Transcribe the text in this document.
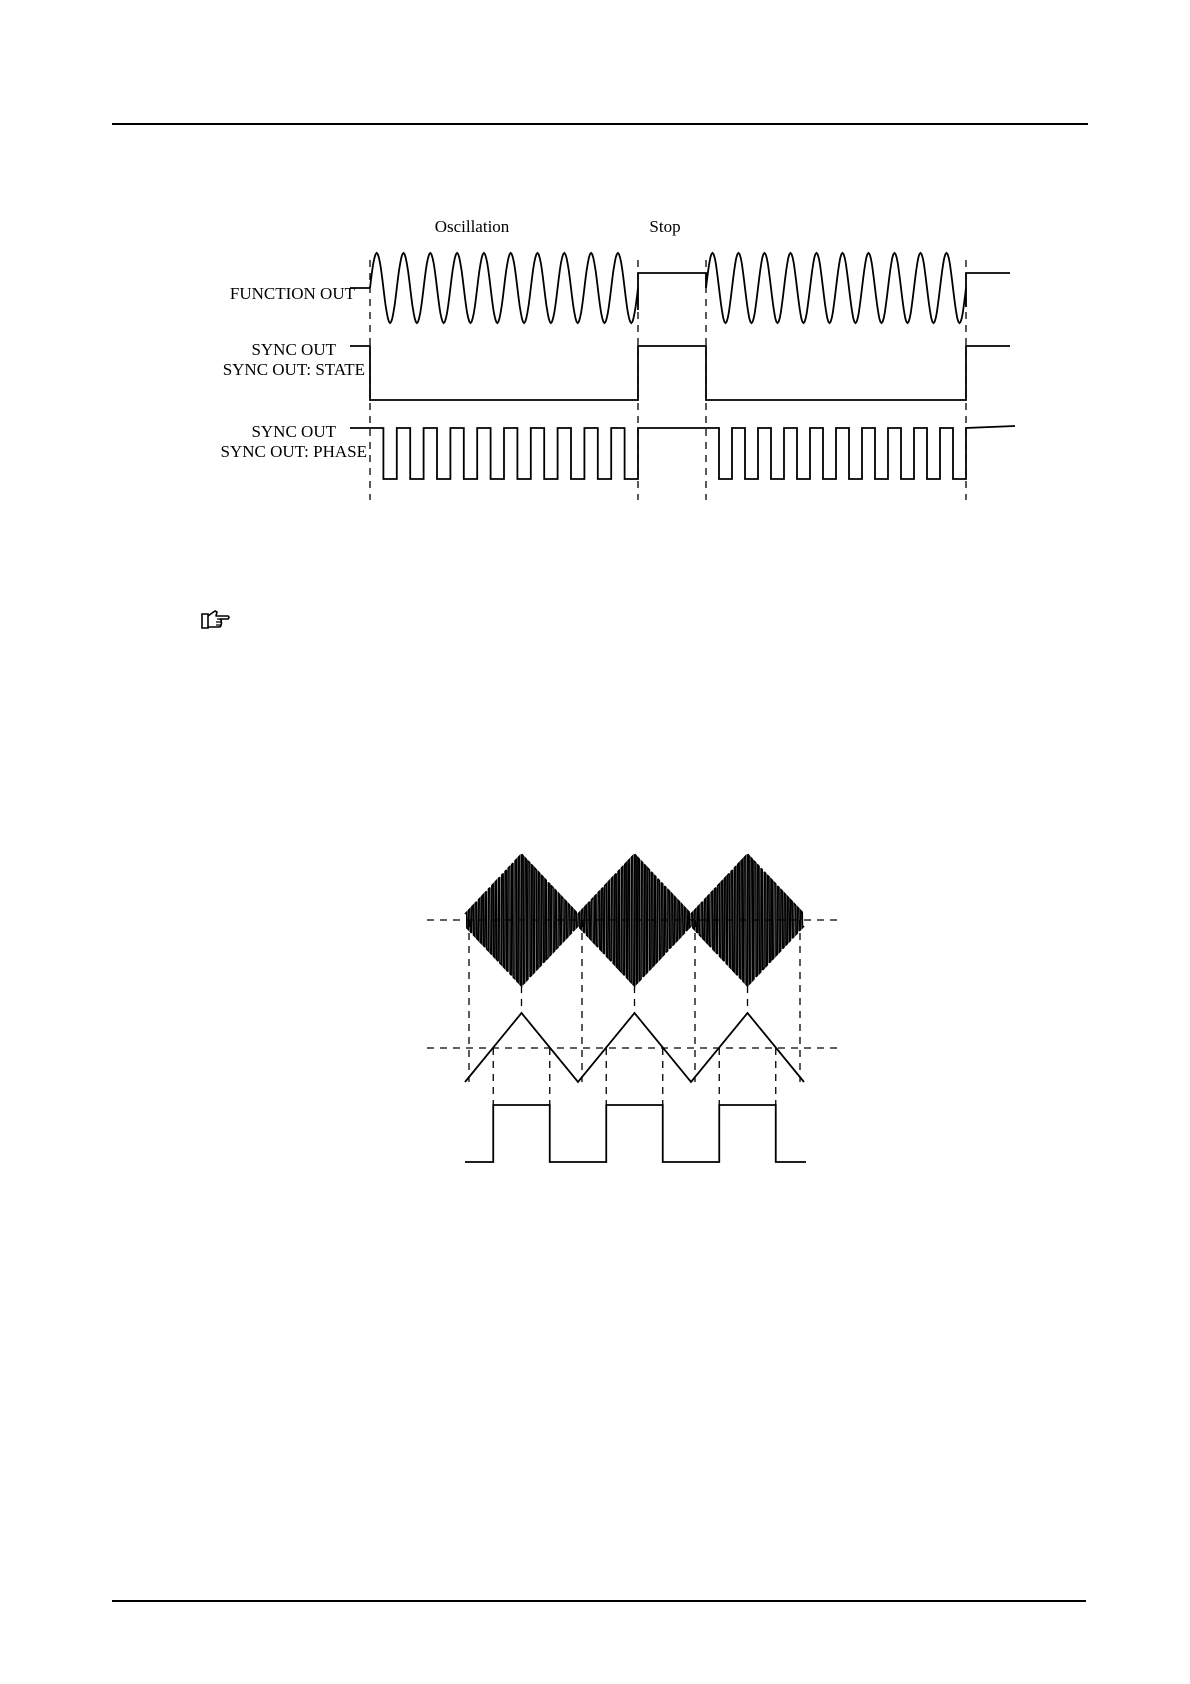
Oscillation	Stop
FUNCTION OUT
SYNC OUT
SYNC OUT: STATE
SYNC OUT
SYNC OUT: PHASE
